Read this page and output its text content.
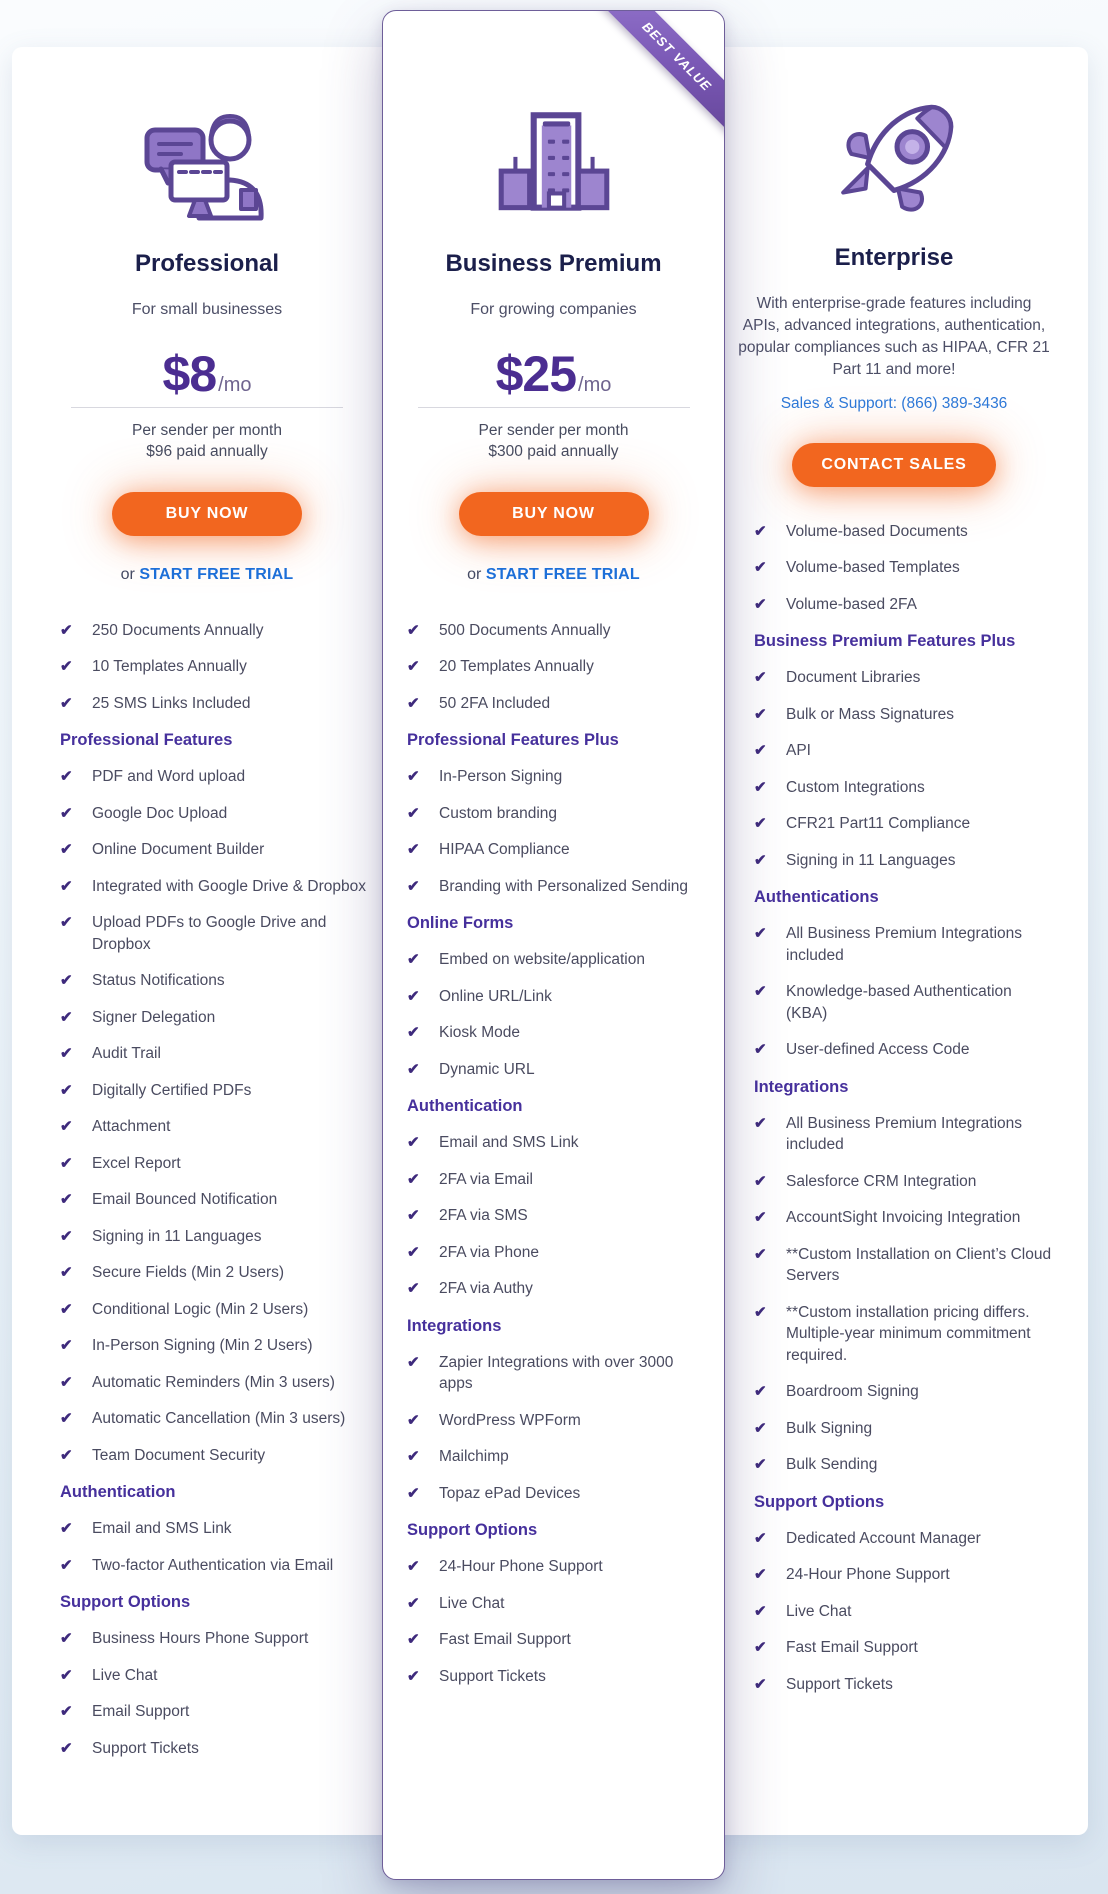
Professional
For small businesses
$8 /mo
Per sender per month
$96 paid annually
BUY NOW
or START FREE TRIAL
✔	250 Documents Annually
✔	10 Templates Annually
✔	25 SMS Links Included
Professional Features
✔	PDF and Word upload
✔	Google Doc Upload
✔	Online Document Builder
✔	Integrated with Google Drive & Dropbox
✔	Upload PDFs to Google Drive and Dropbox
✔	Status Notifications
✔	Signer Delegation
✔	Audit Trail
✔	Digitally Certified PDFs
✔	Attachment
✔	Excel Report
✔	Email Bounced Notification
✔	Signing in 11 Languages
✔	Secure Fields (Min 2 Users)
✔	Conditional Logic (Min 2 Users)
✔	In-Person Signing (Min 2 Users)
✔	Automatic Reminders (Min 3 users)
✔	Automatic Cancellation (Min 3 users)
✔	Team Document Security
Authentication
✔	Email and SMS Link
✔	Two-factor Authentication via Email
Support Options
✔	Business Hours Phone Support
✔	Live Chat
✔	Email Support
✔	Support Tickets
BEST VALUE
Business Premium
For growing companies
$25 /mo
Per sender per month
$300 paid annually
BUY NOW
or START FREE TRIAL
✔	500 Documents Annually
✔	20 Templates Annually
✔	50 2FA Included
Professional Features Plus
✔	In-Person Signing
✔	Custom branding
✔	HIPAA Compliance
✔	Branding with Personalized Sending
Online Forms
✔	Embed on website/application
✔	Online URL/Link
✔	Kiosk Mode
✔	Dynamic URL
Authentication
✔	Email and SMS Link
✔	2FA via Email
✔	2FA via SMS
✔	2FA via Phone
✔	2FA via Authy
Integrations
✔	Zapier Integrations with over 3000 apps
✔	WordPress WPForm
✔	Mailchimp
✔	Topaz ePad Devices
Support Options
✔	24-Hour Phone Support
✔	Live Chat
✔	Fast Email Support
✔	Support Tickets
Enterprise
With enterprise-grade features including APIs, advanced integrations, authentication, popular compliances such as HIPAA, CFR 21 Part 11 and more!
Sales & Support: (866) 389-3436
CONTACT SALES
✔	Volume-based Documents
✔	Volume-based Templates
✔	Volume-based 2FA
Business Premium Features Plus
✔	Document Libraries
✔	Bulk or Mass Signatures
✔	API
✔	Custom Integrations
✔	CFR21 Part11 Compliance
✔	Signing in 11 Languages
Authentications
✔	All Business Premium Integrations included
✔	Knowledge-based Authentication (KBA)
✔	User-defined Access Code
Integrations
✔	All Business Premium Integrations included
✔	Salesforce CRM Integration
✔	AccountSight Invoicing Integration
✔	**Custom Installation on Client’s Cloud Servers
✔	**Custom installation pricing differs. Multiple-year minimum commitment required.
✔	Boardroom Signing
✔	Bulk Signing
✔	Bulk Sending
Support Options
✔	Dedicated Account Manager
✔	24-Hour Phone Support
✔	Live Chat
✔	Fast Email Support
✔	Support Tickets
